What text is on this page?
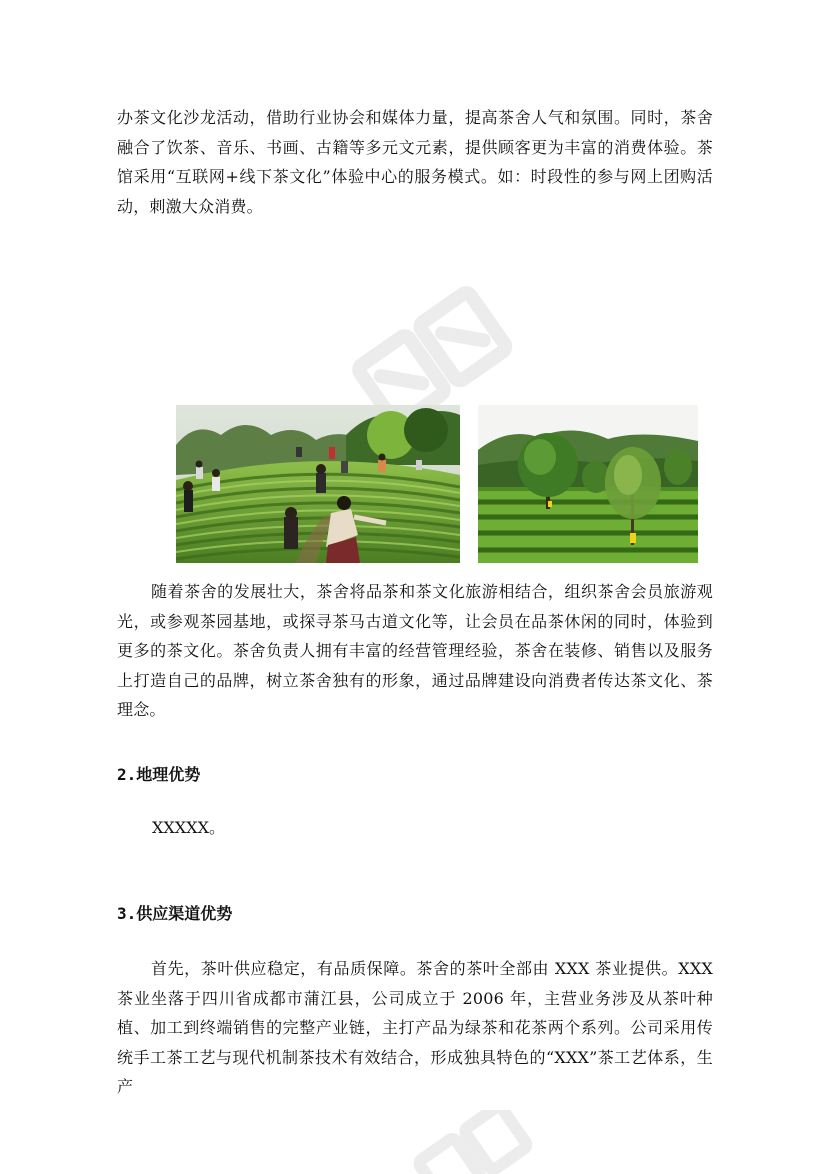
办茶文化沙龙活动，借助行业协会和媒体力量，提高茶舍人气和氛围。同时，茶舍融合了饮茶、音乐、书画、古籍等多元文元素，提供顾客更为丰富的消费体验。茶馆采用“互联网+线下茶文化”体验中心的服务模式。如：时段性的参与网上团购活动，刺激大众消费。

随着茶舍的发展壮大，茶舍将品茶和茶文化旅游相结合，组织茶舍会员旅游观光，或参观茶园基地，或探寻茶马古道文化等，让会员在品茶休闲的同时，体验到更多的茶文化。茶舍负责人拥有丰富的经营管理经验，茶舍在装修、销售以及服务上打造自己的品牌，树立茶舍独有的形象，通过品牌建设向消费者传达茶文化、茶理念。

2.地理优势

XXXXX。

3.供应渠道优势

首先，茶叶供应稳定，有品质保障。茶舍的茶叶全部由 XXX 茶业提供。XXX 茶业坐落于四川省成都市蒲江县，公司成立于 2006 年，主营业务涉及从茶叶种植、加工到终端销售的完整产业链，主打产品为绿茶和花茶两个系列。公司采用传统手工茶工艺与现代机制茶技术有效结合，形成独具特色的“XXX”茶工艺体系，生产
